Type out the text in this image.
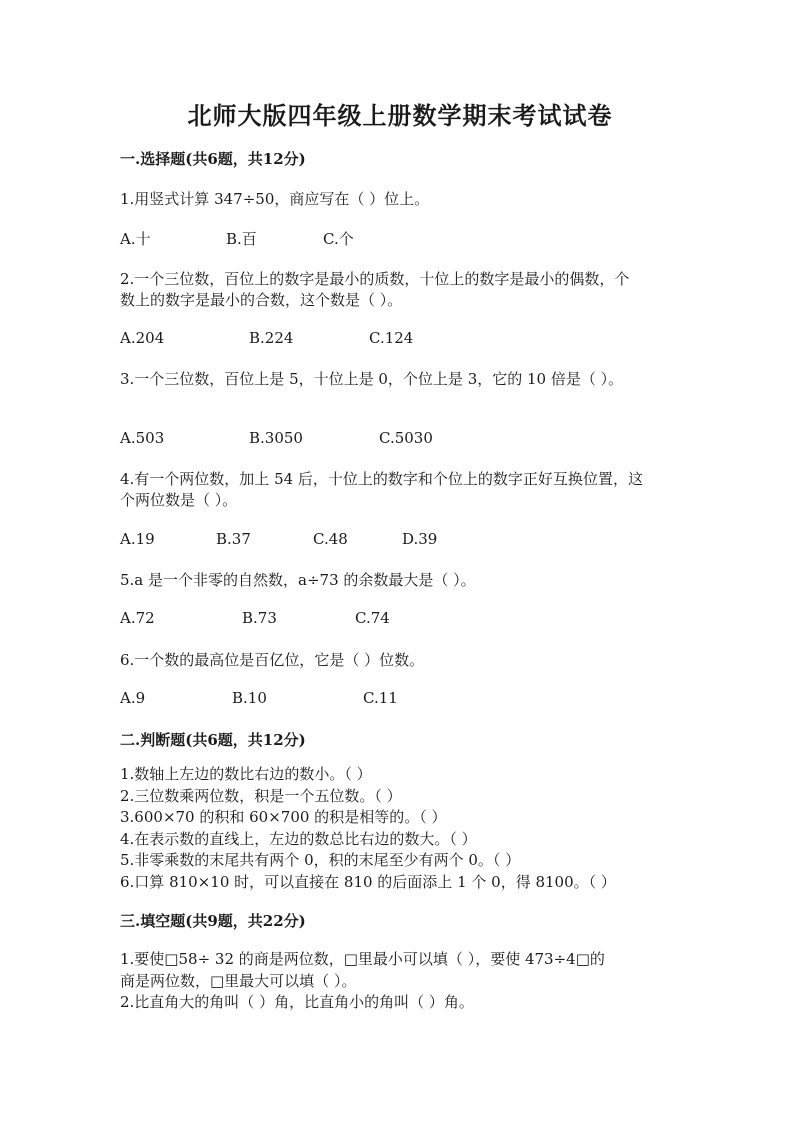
北师大版四年级上册数学期末考试试卷
一.选择题(共6题，共12分)
1.用竖式计算 347÷50，商应写在（ ）位上。
A.十	B.百	C.个
2.一个三位数，百位上的数字是最小的质数，十位上的数字是最小的偶数，个
数上的数字是最小的合数，这个数是（ ）。
A.204	B.224	C.124
3.一个三位数，百位上是 5，十位上是 0，个位上是 3，它的 10 倍是（ ）。
A.503	B.3050	C.5030
4.有一个两位数，加上 54 后，十位上的数字和个位上的数字正好互换位置，这
个两位数是（ ）。
A.19	B.37	C.48	D.39
5.a 是一个非零的自然数，a÷73 的余数最大是（ ）。
A.72	B.73	C.74
6.一个数的最高位是百亿位，它是（ ）位数。
A.9	B.10	C.11
二.判断题(共6题，共12分)
1.数轴上左边的数比右边的数小。（ ）
2.三位数乘两位数，积是一个五位数。（ ）
3.600×70 的积和 60×700 的积是相等的。（ ）
4.在表示数的直线上，左边的数总比右边的数大。（ ）
5.非零乘数的末尾共有两个 0，积的末尾至少有两个 0。（ ）
6.口算 810×10 时，可以直接在 810 的后面添上 1 个 0，得 8100。（ ）
三.填空题(共9题，共22分)
1.要使□58÷ 32 的商是两位数，□里最小可以填（ ），要使 473÷4□的
商是两位数，□里最大可以填（ ）。
2.比直角大的角叫（ ）角，比直角小的角叫（ ）角。
